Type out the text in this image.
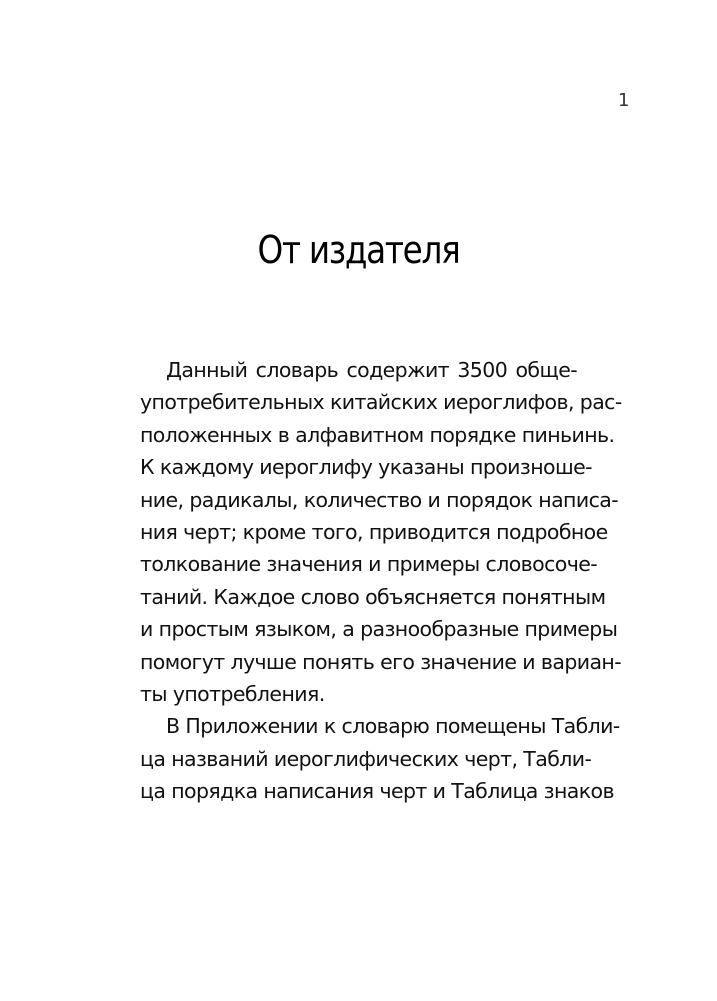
1
От издателя
Данный словарь содержит 3500 обще-
употребительных китайских иероглифов, рас-
положенных в алфавитном порядке пиньинь.
К каждому иероглифу указаны произноше-
ние, радикалы, количество и порядок написа-
ния черт; кроме того, приводится подробное
толкование значения и примеры словосоче-
таний. Каждое слово объясняется понятным
и простым языком, а разнообразные примеры
помогут лучше понять его значение и вариан-
ты употребления.
В Приложении к словарю помещены Табли-
ца названий иероглифических черт, Табли-
ца порядка написания черт и Таблица знаков
